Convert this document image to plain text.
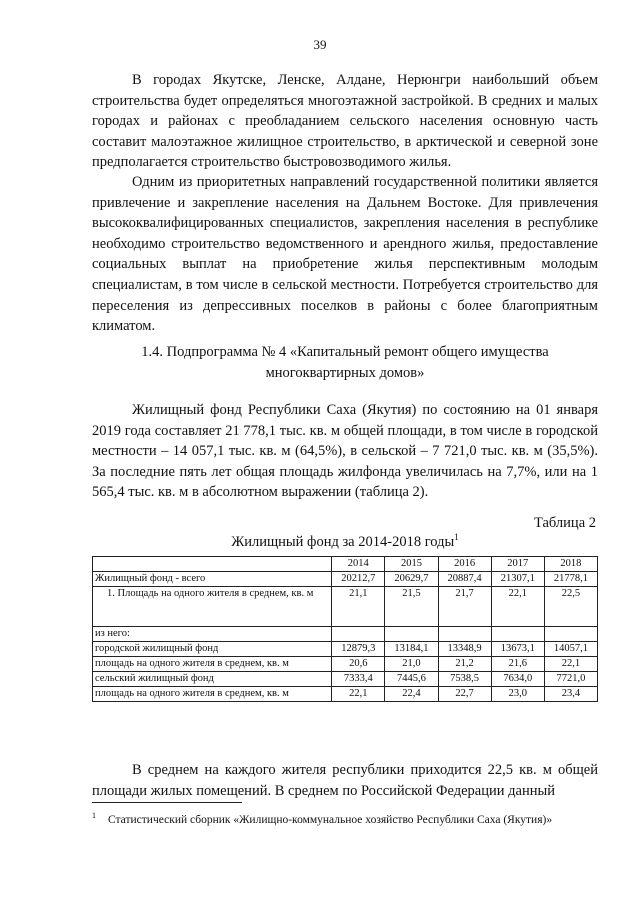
39

В городах Якутске, Ленске, Алдане, Нерюнгри наибольший объем строительства будет определяться многоэтажной застройкой. В средних и малых городах и районах с преобладанием сельского населения основную часть составит малоэтажное жилищное строительство, в арктической и северной зоне предполагается строительство быстровозводимого жилья.

Одним из приоритетных направлений государственной политики является привлечение и закрепление населения на Дальнем Востоке. Для привлечения высококвалифицированных специалистов, закрепления населения в республике необходимо строительство ведомственного и арендного жилья, предоставление социальных выплат на приобретение жилья перспективным молодым специалистам, в том числе в сельской местности. Потребуется строительство для переселения из депрессивных поселков в районы с более благоприятным климатом.

1.4. Подпрограмма № 4 «Капитальный ремонт общего имущества
многоквартирных домов»

Жилищный фонд Республики Саха (Якутия) по состоянию на 01 января 2019 года составляет 21 778,1 тыс. кв. м общей площади, в том числе в городской местности – 14 057,1 тыс. кв. м (64,5%), в сельской – 7 721,0 тыс. кв. м (35,5%). За последние пять лет общая площадь жилфонда увеличилась на 7,7%, или на 1 565,4 тыс. кв. м в абсолютном выражении (таблица 2).

Таблица 2
Жилищный фонд за 2014-2018 годы$^1$
	2014	2015	2016	2017	2018
Жилищный фонд - всего	20212,7	20629,7	20887,4	21307,1	21778,1
1. Площадь на одного жителя в среднем, кв. м	21,1	21,5	21,7	22,1	22,5
из него:					
городской жилищный фонд	12879,3	13184,1	13348,9	13673,1	14057,1
площадь на одного жителя в среднем, кв. м	20,6	21,0	21,2	21,6	22,1
сельский жилищный фонд	7333,4	7445,6	7538,5	7634,0	7721,0
площадь на одного жителя в среднем, кв. м	22,1	22,4	22,7	23,0	23,4

В среднем на каждого жителя республики приходится 22,5 кв. м общей площади жилых помещений. В среднем по Российской Федерации данный

$^1$ Статистический сборник «Жилищно-коммунальное хозяйство Республики Саха (Якутия)»
